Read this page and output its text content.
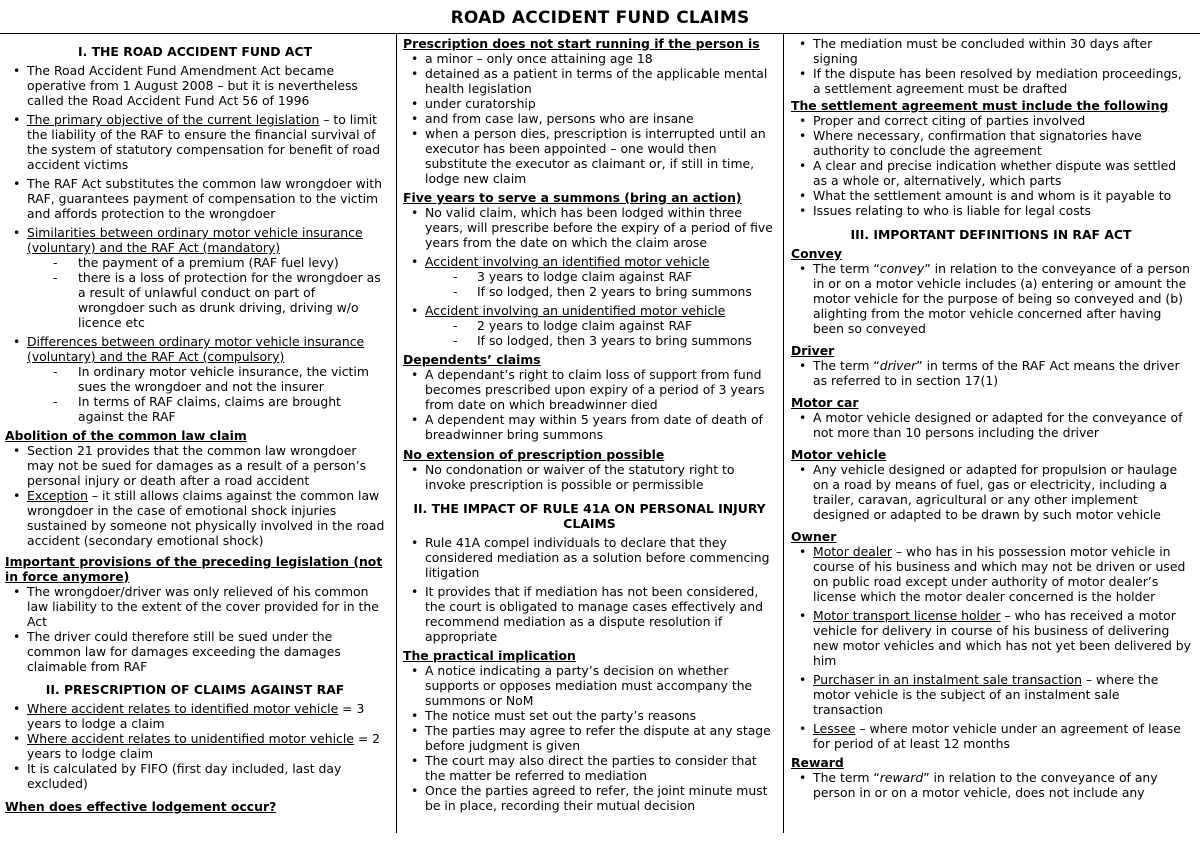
ROAD ACCIDENT FUND CLAIMS
I. THE ROAD ACCIDENT FUND ACT
• The Road Accident Fund Amendment Act became operative from 1 August 2008 – but it is nevertheless called the Road Accident Fund Act 56 of 1996
• The primary objective of the current legislation – to limit the liability of the RAF to ensure the financial survival of the system of statutory compensation for benefit of road accident victims
• The RAF Act substitutes the common law wrongdoer with RAF, guarantees payment of compensation to the victim and affords protection to the wrongdoer
• Similarities between ordinary motor vehicle insurance (voluntary) and the RAF Act (mandatory)
- the payment of a premium (RAF fuel levy)
- there is a loss of protection for the wrongdoer as a result of unlawful conduct on part of wrongdoer such as drunk driving, driving w/o licence etc
• Differences between ordinary motor vehicle insurance (voluntary) and the RAF Act (compulsory)
- In ordinary motor vehicle insurance, the victim sues the wrongdoer and not the insurer
- In terms of RAF claims, claims are brought against the RAF
Abolition of the common law claim
• Section 21 provides that the common law wrongdoer may not be sued for damages as a result of a person’s personal injury or death after a road accident
• Exception – it still allows claims against the common law wrongdoer in the case of emotional shock injuries sustained by someone not physically involved in the road accident (secondary emotional shock)
Important provisions of the preceding legislation (not in force anymore)
• The wrongdoer/driver was only relieved of his common law liability to the extent of the cover provided for in the Act
• The driver could therefore still be sued under the common law for damages exceeding the damages claimable from RAF
II. PRESCRIPTION OF CLAIMS AGAINST RAF
• Where accident relates to identified motor vehicle = 3 years to lodge a claim
• Where accident relates to unidentified motor vehicle = 2 years to lodge claim
• It is calculated by FIFO (first day included, last day excluded)
When does effective lodgement occur?
Prescription does not start running if the person is
• a minor – only once attaining age 18
• detained as a patient in terms of the applicable mental health legislation
• under curatorship
• and from case law, persons who are insane
• when a person dies, prescription is interrupted until an executor has been appointed – one would then substitute the executor as claimant or, if still in time, lodge new claim
Five years to serve a summons (bring an action)
• No valid claim, which has been lodged within three years, will prescribe before the expiry of a period of five years from the date on which the claim arose
• Accident involving an identified motor vehicle
- 3 years to lodge claim against RAF
- If so lodged, then 2 years to bring summons
• Accident involving an unidentified motor vehicle
- 2 years to lodge claim against RAF
- If so lodged, then 3 years to bring summons
Dependents’ claims
• A dependant’s right to claim loss of support from fund becomes prescribed upon expiry of a period of 3 years from date on which breadwinner died
• A dependent may within 5 years from date of death of breadwinner bring summons
No extension of prescription possible
• No condonation or waiver of the statutory right to invoke prescription is possible or permissible
II. THE IMPACT OF RULE 41A ON PERSONAL INJURY CLAIMS
• Rule 41A compel individuals to declare that they considered mediation as a solution before commencing litigation
• It provides that if mediation has not been considered, the court is obligated to manage cases effectively and recommend mediation as a dispute resolution if appropriate
The practical implication
• A notice indicating a party’s decision on whether supports or opposes mediation must accompany the summons or NoM
• The notice must set out the party’s reasons
• The parties may agree to refer the dispute at any stage before judgment is given
• The court may also direct the parties to consider that the matter be referred to mediation
• Once the parties agreed to refer, the joint minute must be in place, recording their mutual decision
• The mediation must be concluded within 30 days after signing
• If the dispute has been resolved by mediation proceedings, a settlement agreement must be drafted
The settlement agreement must include the following
• Proper and correct citing of parties involved
• Where necessary, confirmation that signatories have authority to conclude the agreement
• A clear and precise indication whether dispute was settled as a whole or, alternatively, which parts
• What the settlement amount is and whom is it payable to
• Issues relating to who is liable for legal costs
III. IMPORTANT DEFINITIONS IN RAF ACT
Convey
• The term “convey” in relation to the conveyance of a person in or on a motor vehicle includes (a) entering or amount the motor vehicle for the purpose of being so conveyed and (b) alighting from the motor vehicle concerned after having been so conveyed
Driver
• The term “driver” in terms of the RAF Act means the driver as referred to in section 17(1)
Motor car
• A motor vehicle designed or adapted for the conveyance of not more than 10 persons including the driver
Motor vehicle
• Any vehicle designed or adapted for propulsion or haulage on a road by means of fuel, gas or electricity, including a trailer, caravan, agricultural or any other implement designed or adapted to be drawn by such motor vehicle
Owner
• Motor dealer – who has in his possession motor vehicle in course of his business and which may not be driven or used on public road except under authority of motor dealer’s license which the motor dealer concerned is the holder
• Motor transport license holder – who has received a motor vehicle for delivery in course of his business of delivering new motor vehicles and which has not yet been delivered by him
• Purchaser in an instalment sale transaction – where the motor vehicle is the subject of an instalment sale transaction
• Lessee – where motor vehicle under an agreement of lease for period of at least 12 months
Reward
• The term “reward” in relation to the conveyance of any person in or on a motor vehicle, does not include any
